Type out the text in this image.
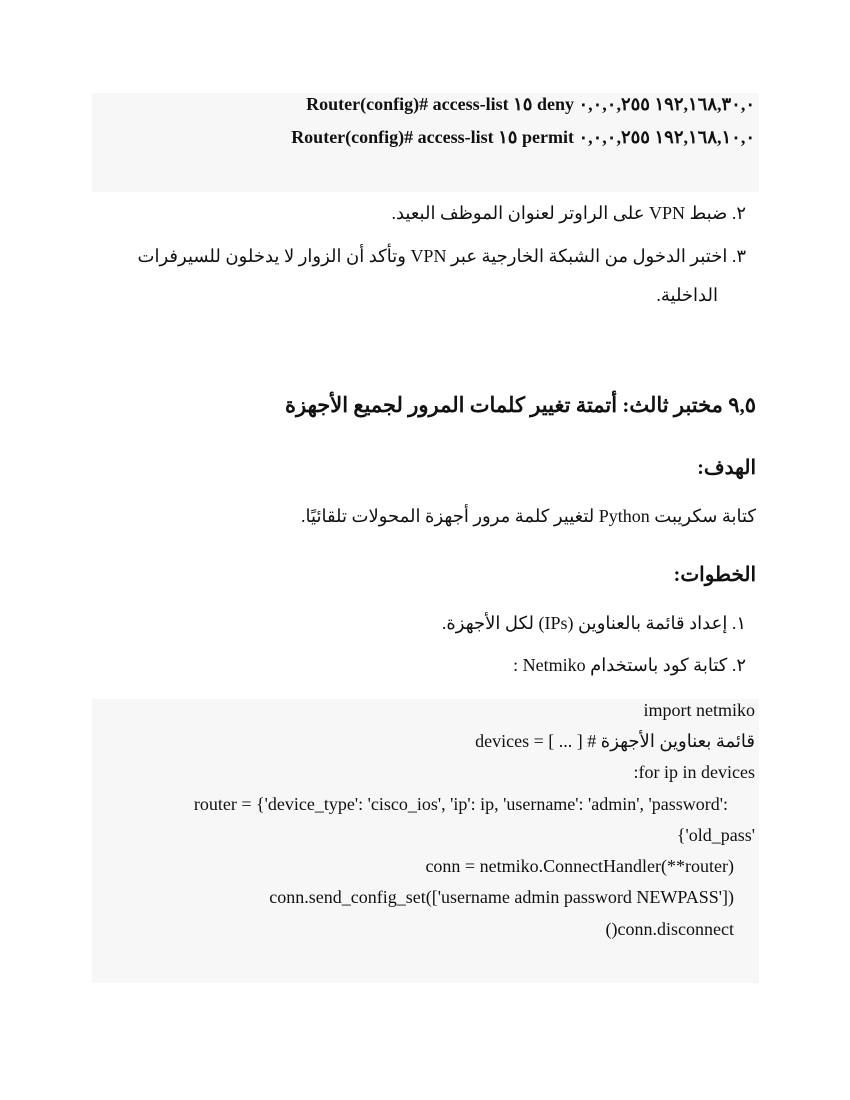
Router(config)# access-list ١٥ deny ١٩٢,١٦٨,٣٠,٠ ٠,٠,٠,٢٥٥
Router(config)# access-list ١٥ permit ١٩٢,١٦٨,١٠,٠ ٠,٠,٠,٢٥٥
٢. ضبط VPN على الراوتر لعنوان الموظف البعيد.
٣. اختبر الدخول من الشبكة الخارجية عبر VPN وتأكد أن الزوار لا يدخلون للسيرفرات
الداخلية.
٩,٥ مختبر ثالث: أتمتة تغيير كلمات المرور لجميع الأجهزة
الهدف:
كتابة سكريبت Python لتغيير كلمة مرور أجهزة المحولات تلقائيًا.
الخطوات:
١. إعداد قائمة بالعناوين (IPs) لكل الأجهزة.
٢. كتابة كود باستخدام Netmiko :
import netmiko
devices = [ ... ] # قائمة بعناوين الأجهزة
:for ip in devices
router = {'device_type': 'cisco_ios', 'ip': ip, 'username': 'admin', 'password':
{'old_pass'
conn = netmiko.ConnectHandler(**router)
conn.send_config_set(['username admin password NEWPASS'])
()conn.disconnect
